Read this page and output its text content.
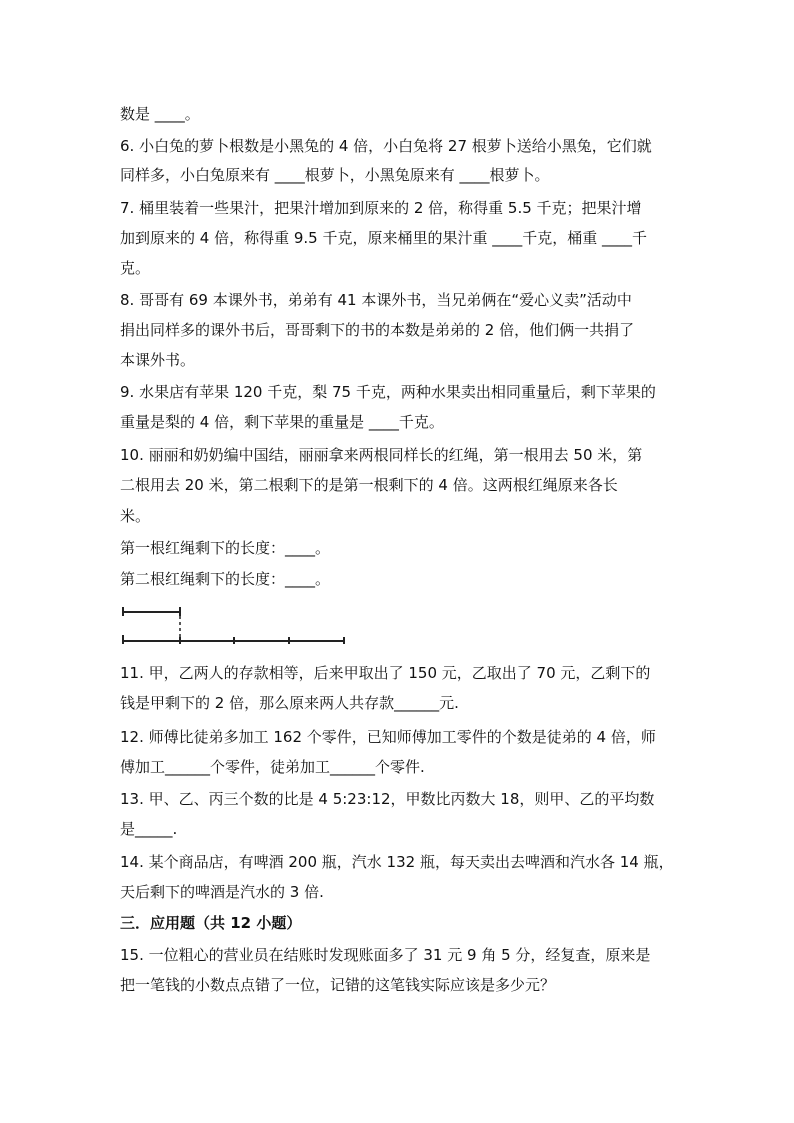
数是 ____。
6. 小白兔的萝卜根数是小黑兔的 4 倍，小白兔将 27 根萝卜送给小黑兔，它们就
同样多，小白兔原来有 ____根萝卜，小黑兔原来有 ____根萝卜。
7. 桶里装着一些果汁，把果汁增加到原来的 2 倍，称得重 5.5 千克；把果汁增
加到原来的 4 倍，称得重 9.5 千克，原来桶里的果汁重 ____千克，桶重 ____千
克。
8. 哥哥有 69 本课外书，弟弟有 41 本课外书，当兄弟俩在“爱心义卖”活动中
捐出同样多的课外书后，哥哥剩下的书的本数是弟弟的 2 倍，他们俩一共捐了
本课外书。
9. 水果店有苹果 120 千克，梨 75 千克，两种水果卖出相同重量后，剩下苹果的
重量是梨的 4 倍，剩下苹果的重量是 ____千克。
10. 丽丽和奶奶编中国结，丽丽拿来两根同样长的红绳，第一根用去 50 米，第
二根用去 20 米，第二根剩下的是第一根剩下的 4 倍。这两根红绳原来各长
米。
第一根红绳剩下的长度：____。
第二根红绳剩下的长度：____。
11. 甲，乙两人的存款相等，后来甲取出了 150 元，乙取出了 70 元，乙剩下的
钱是甲剩下的 2 倍，那么原来两人共存款______元.
12. 师傅比徒弟多加工 162 个零件，已知师傅加工零件的个数是徒弟的 4 倍，师
傅加工______个零件，徒弟加工______个零件.
13. 甲、乙、丙三个数的比是 4 5:23:12，甲数比丙数大 18，则甲、乙的平均数
是_____.
14. 某个商品店，有啤酒 200 瓶，汽水 132 瓶，每天卖出去啤酒和汽水各 14 瓶，
天后剩下的啤酒是汽水的 3 倍.
三．应用题（共 12 小题）
15. 一位粗心的营业员在结账时发现账面多了 31 元 9 角 5 分，经复查，原来是
把一笔钱的小数点点错了一位，记错的这笔钱实际应该是多少元？
